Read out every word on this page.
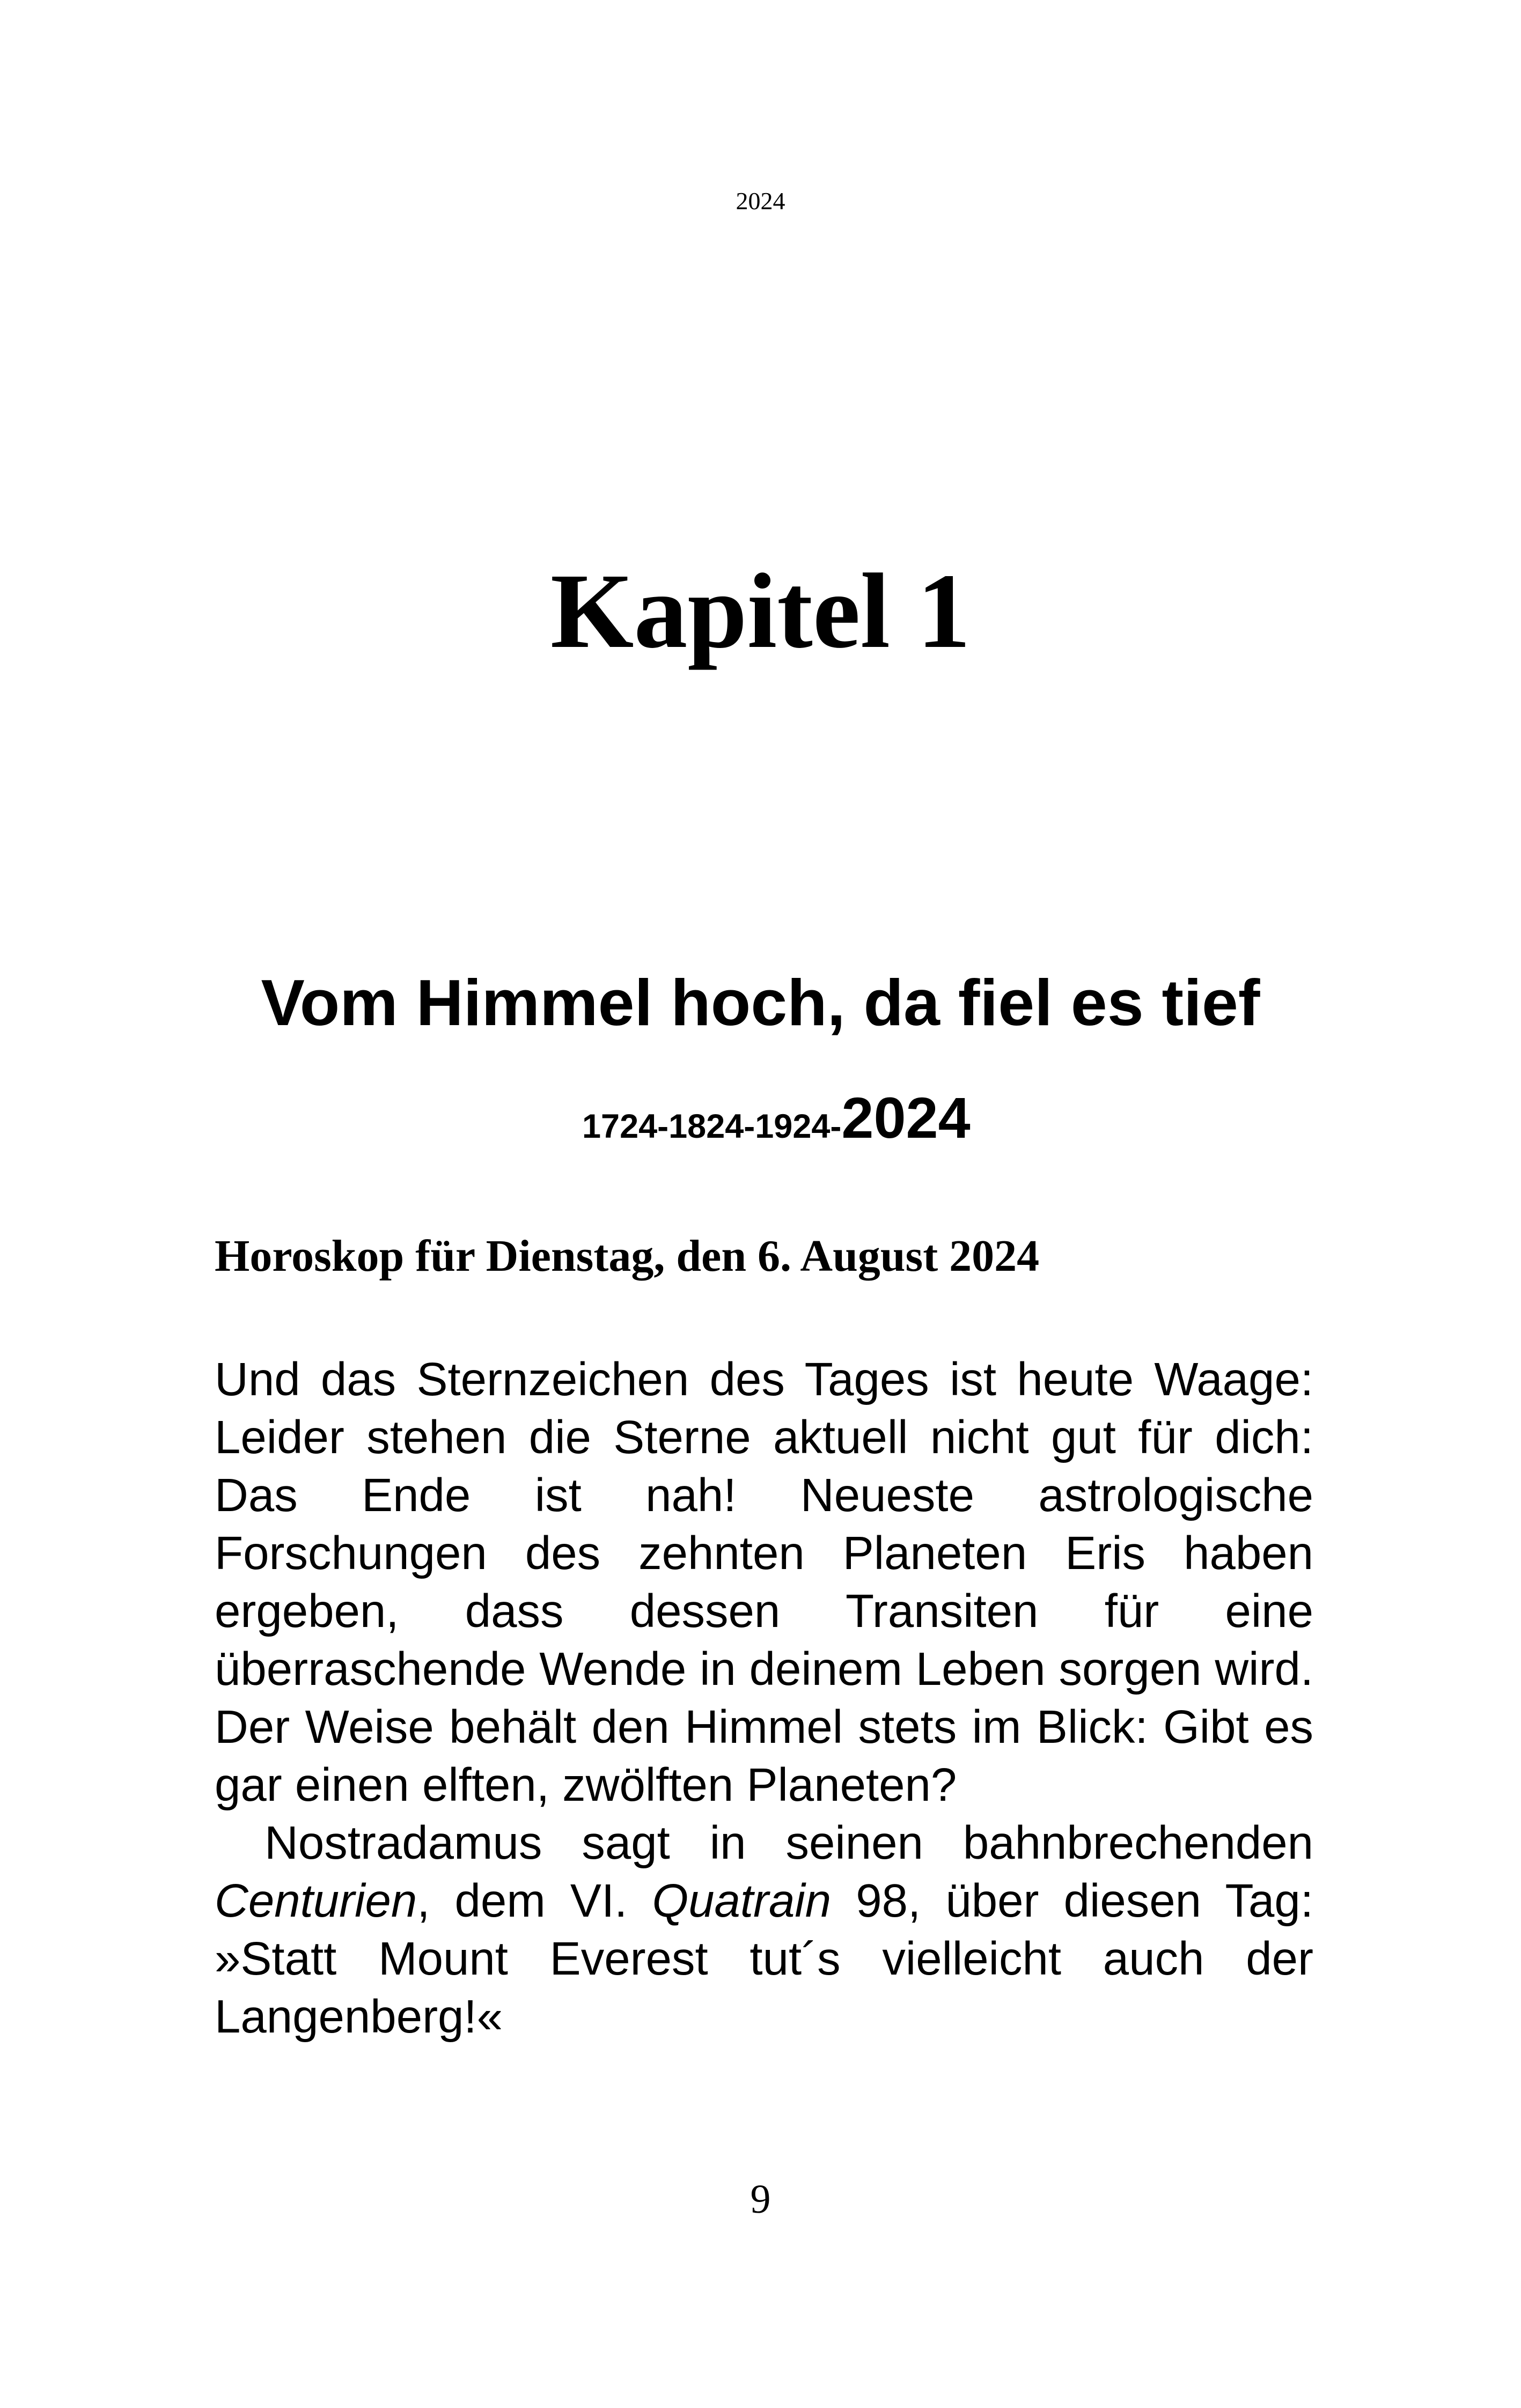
2024
Kapitel 1
Vom Himmel hoch, da fiel es tief
1724-1824-1924-2024
Horoskop für Dienstag, den 6. August 2024

Und das Sternzeichen des Tages ist heute Waage: Leider stehen die Sterne aktuell nicht gut für dich: Das Ende ist nah! Neueste astrologische Forschungen des zehnten Planeten Eris haben ergeben, dass dessen Transiten für eine überraschende Wende in deinem Leben sorgen wird. Der Weise behält den Himmel stets im Blick: Gibt es gar einen elften, zwölften Planeten?

Nostradamus sagt in seinen bahnbrechenden Centurien, dem VI. Quatrain 98, über diesen Tag: »Statt Mount Everest tut´s vielleicht auch der Langenberg!«

9
